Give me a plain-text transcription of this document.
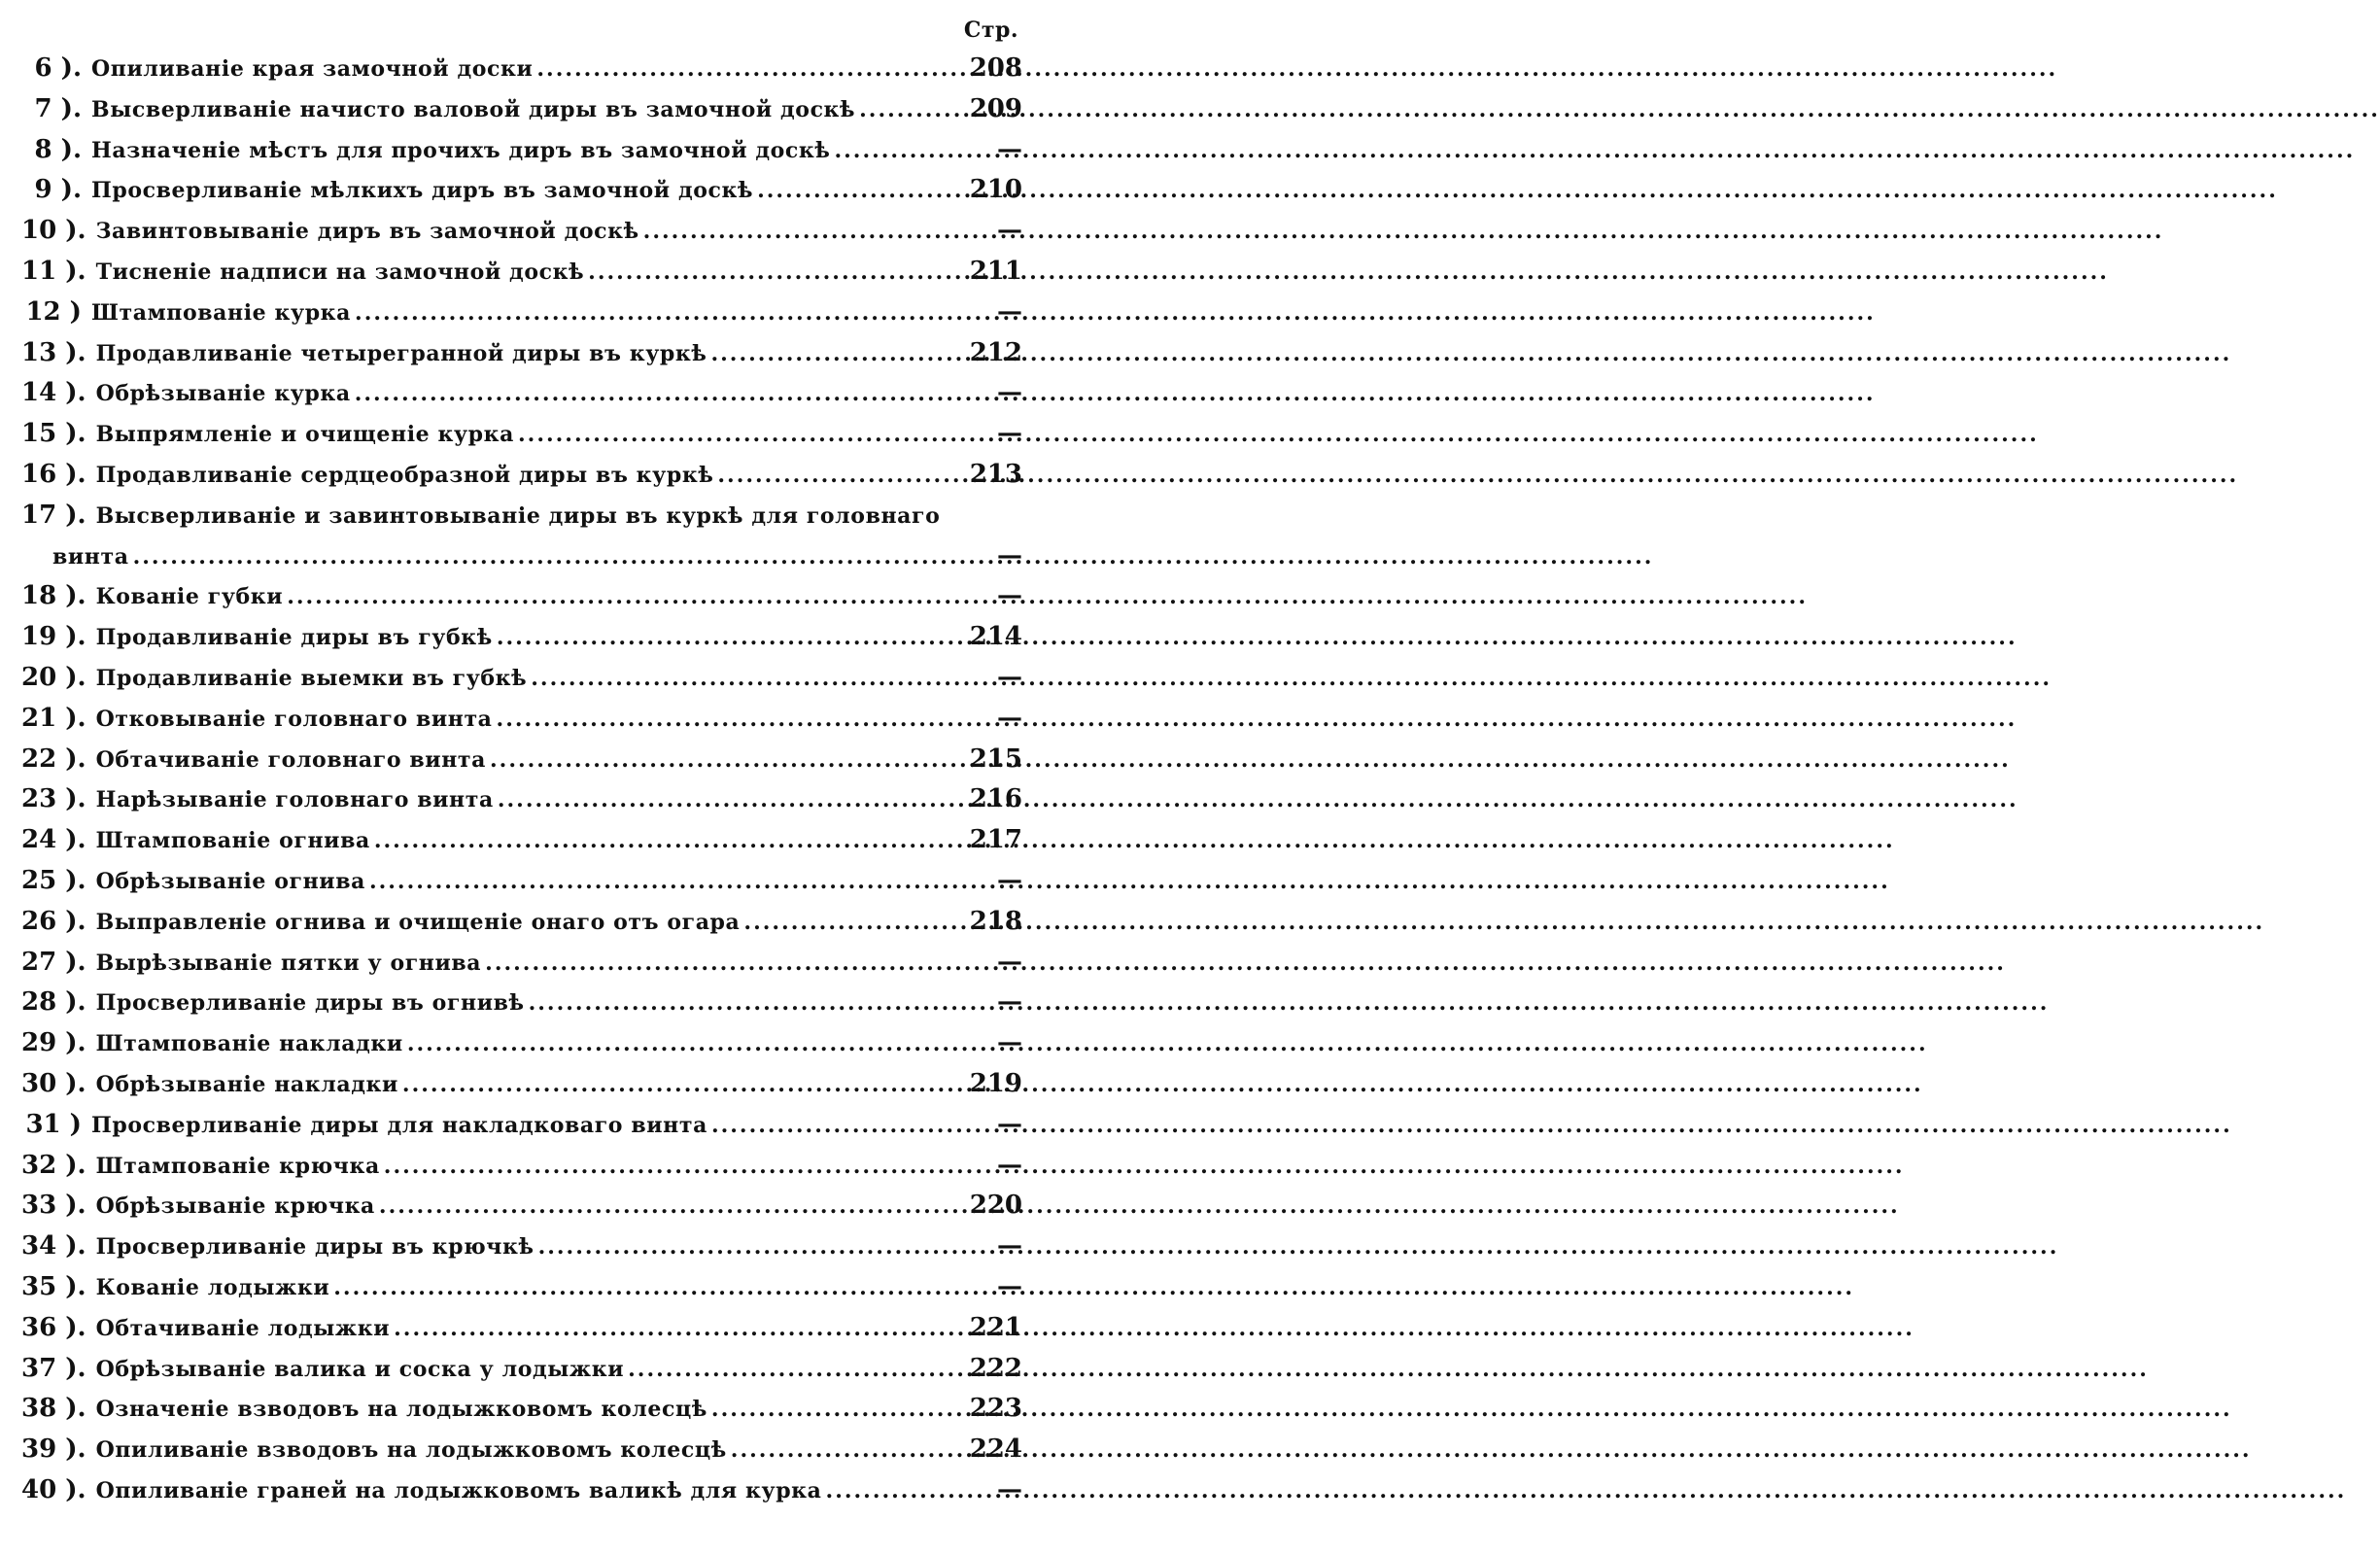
Стр.
6 ). Опиливаніе края замочной доски .....	208
7 ). Высверливаніе начисто валовой диры въ замочной доскѣ .....	209
8 ). Назначеніе мѣстъ для прочихъ диръ въ замочной доскѣ .....	—
9 ). Просверливаніе мѣлкихъ диръ въ замочной доскѣ .....	210
10 ). Завинтовываніе диръ въ замочной доскѣ .....	—
11 ). Тисненіе надписи на замочной доскѣ .....	211
12 ) Штампованіе курка .....	—
13 ). Продавливаніе четырегранной диры въ куркѣ .....	212
14 ). Обрѣзываніе курка .....	—
15 ). Выпрямленіе и очищеніе курка .....	—
16 ). Продавливаніе сердцеобразной диры въ куркѣ .....	213
17 ). Высверливаніе и завинтовываніе диры въ куркѣ для головнаго
винта .....	—
18 ). Кованіе губки .....	—
19 ). Продавливаніе диры въ губкѣ .....	214
20 ). Продавливаніе выемки въ губкѣ .....	—
21 ). Отковываніе головнаго винта .....	—
22 ). Обтачиваніе головнаго винта .....	215
23 ). Нарѣзываніе головнаго винта .....	216
24 ). Штампованіе огнива .....	217
25 ). Обрѣзываніе огнива .....	—
26 ). Выправленіе огнива и очищеніе онаго отъ огара .....	218
27 ). Вырѣзываніе пятки у огнива .....	—
28 ). Просверливаніе диры въ огнивѣ .....	—
29 ). Штампованіе накладки .....	—
30 ). Обрѣзываніе накладки .....	219
31 ) Просверливаніе диры для накладковаго винта .....	—
32 ). Штампованіе крючка .....	—
33 ). Обрѣзываніе крючка .....	220
34 ). Просверливаніе диры въ крючкѣ .....	—
35 ). Кованіе лодыжки .....	—
36 ). Обтачиваніе лодыжки .....	221
37 ). Обрѣзываніе валика и соска у лодыжки .....	222
38 ). Означеніе взводовъ на лодыжковомъ колесцѣ .....	223
39 ). Опиливаніе взводовъ на лодыжковомъ колесцѣ .....	224
40 ). Опиливаніе граней на лодыжковомъ валикѣ для курка .....	—
